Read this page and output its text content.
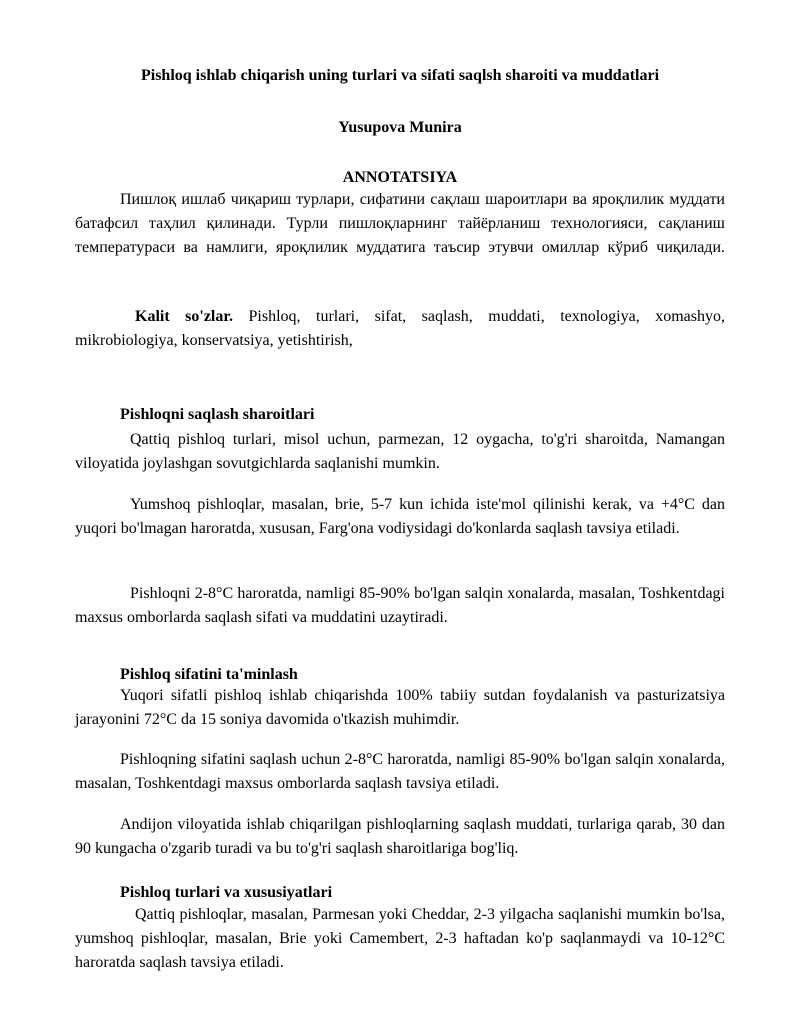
Pishloq ishlab chiqarish uning turlari va sifati saqlsh sharoiti va muddatlari
Yusupova Munira
ANNOTATSIYA
Пишлоқ ишлаб чиқариш турлари, сифатини сақлаш шароитлари ва яроқлилик муддати батафсил таҳлил қилинади. Турли пишлоқларнинг тайёрланиш технологияси, сақланиш температураси ва намлиги, яроқлилик муддатига таъсир этувчи омиллар кўриб чиқилади.
Kalit so'zlar. Pishloq, turlari, sifat, saqlash, muddati, texnologiya, xomashyo, mikrobiologiya, konservatsiya, yetishtirish,
Pishloqni saqlash sharoitlari
Qattiq pishloq turlari, misol uchun, parmezan, 12 oygacha, to'g'ri sharoitda, Namangan viloyatida joylashgan sovutgichlarda saqlanishi mumkin.
Yumshoq pishloqlar, masalan, brie, 5-7 kun ichida iste'mol qilinishi kerak, va +4°C dan yuqori bo'lmagan haroratda, xususan, Farg'ona vodiysidagi do'konlarda saqlash tavsiya etiladi.
Pishloqni 2-8°C haroratda, namligi 85-90% bo'lgan salqin xonalarda, masalan, Toshkentdagi maxsus omborlarda saqlash sifati va muddatini uzaytiradi.
Pishloq sifatini ta'minlash
Yuqori sifatli pishloq ishlab chiqarishda 100% tabiiy sutdan foydalanish va pasturizatsiya jarayonini 72°C da 15 soniya davomida o'tkazish muhimdir.
Pishloqning sifatini saqlash uchun 2-8°C haroratda, namligi 85-90% bo'lgan salqin xonalarda, masalan, Toshkentdagi maxsus omborlarda saqlash tavsiya etiladi.
Andijon viloyatida ishlab chiqarilgan pishloqlarning saqlash muddati, turlariga qarab, 30 dan 90 kungacha o'zgarib turadi va bu to'g'ri saqlash sharoitlariga bog'liq.
Pishloq turlari va xususiyatlari
Qattiq pishloqlar, masalan, Parmesan yoki Cheddar, 2-3 yilgacha saqlanishi mumkin bo'lsa, yumshoq pishloqlar, masalan, Brie yoki Camembert, 2-3 haftadan ko'p saqlanmaydi va 10-12°C haroratda saqlash tavsiya etiladi.
